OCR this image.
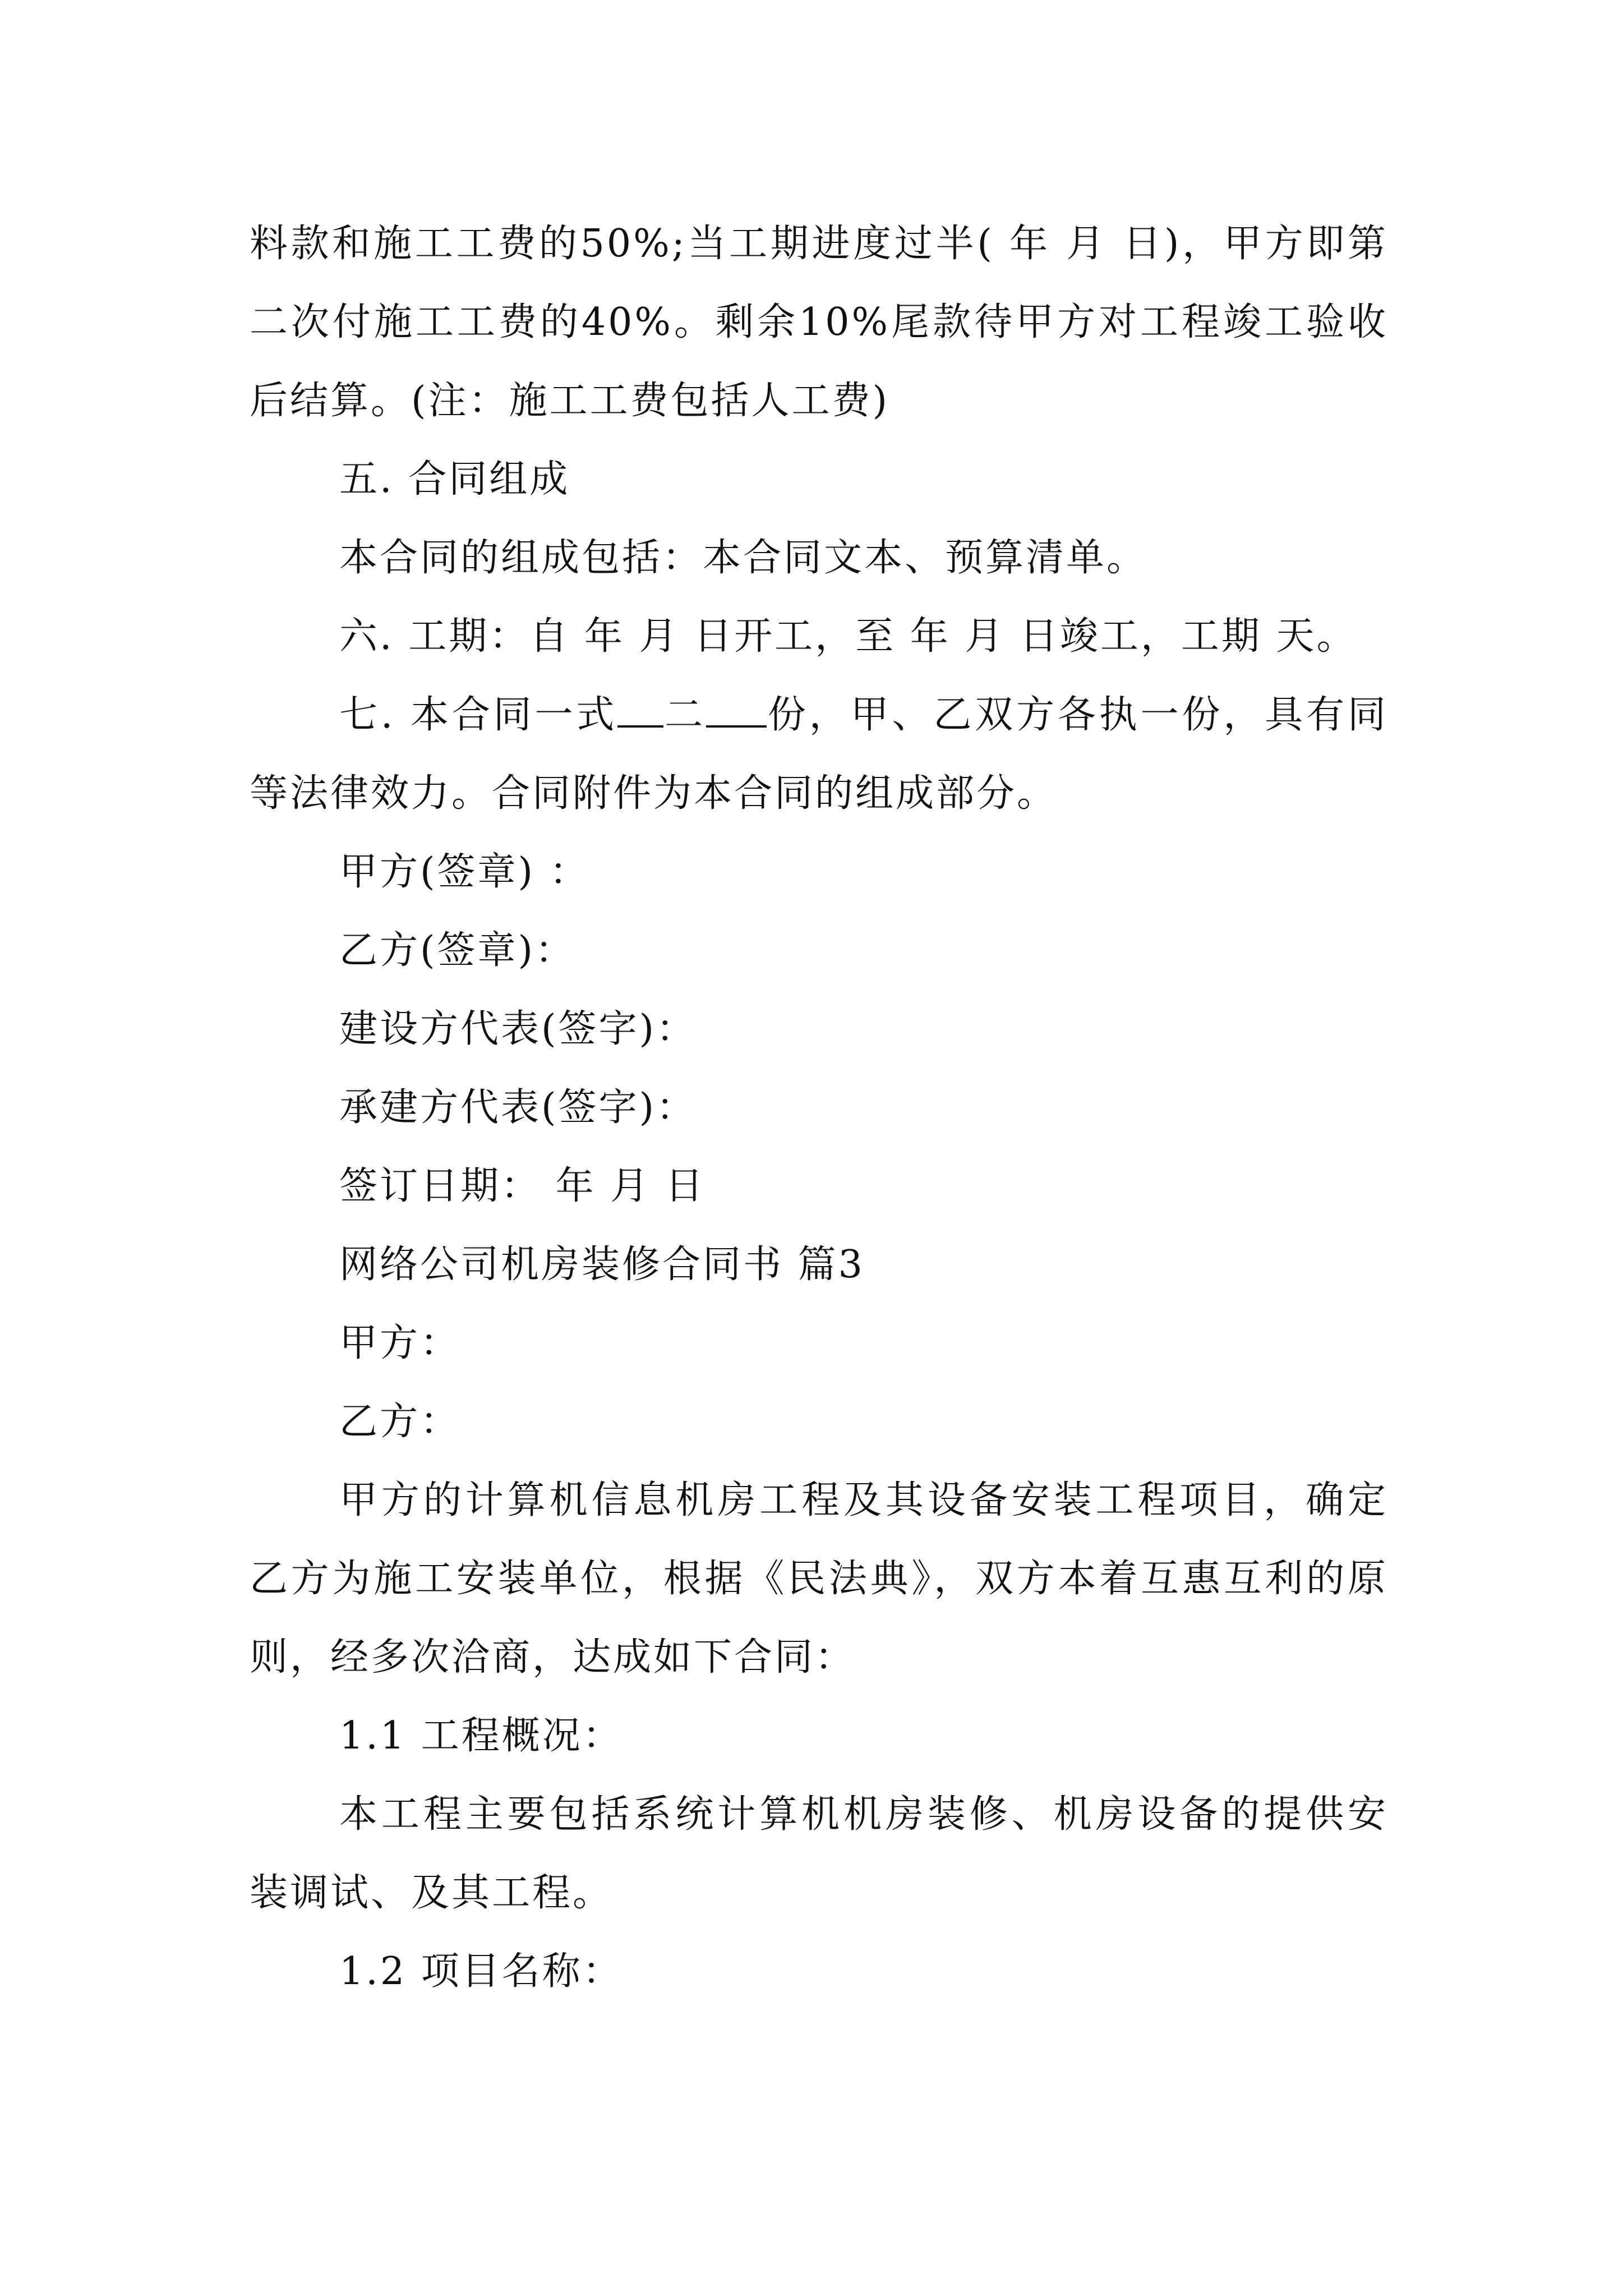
料款和施工工费的50%;当工期进度过半( 年 月 日)，甲方即第二次付施工工费的40%。剩余10%尾款待甲方对工程竣工验收后结算。(注：施工工费包括人工费)

五. 合同组成

本合同的组成包括：本合同文本、预算清单。

六. 工期：自 年 月 日开工，至 年 月 日竣工，工期 天。

七. 本合同一式 二 份，甲、乙双方各执一份，具有同等法律效力。合同附件为本合同的组成部分。

甲方(签章) ：

乙方(签章)：

建设方代表(签字)：

承建方代表(签字)：

签订日期： 年 月 日

网络公司机房装修合同书 篇3

甲方：

乙方：

甲方的计算机信息机房工程及其设备安装工程项目，确定乙方为施工安装单位，根据《民法典》，双方本着互惠互利的原则，经多次洽商，达成如下合同：

1.1 工程概况：

本工程主要包括系统计算机机房装修、机房设备的提供安装调试、及其工程。

1.2 项目名称：
